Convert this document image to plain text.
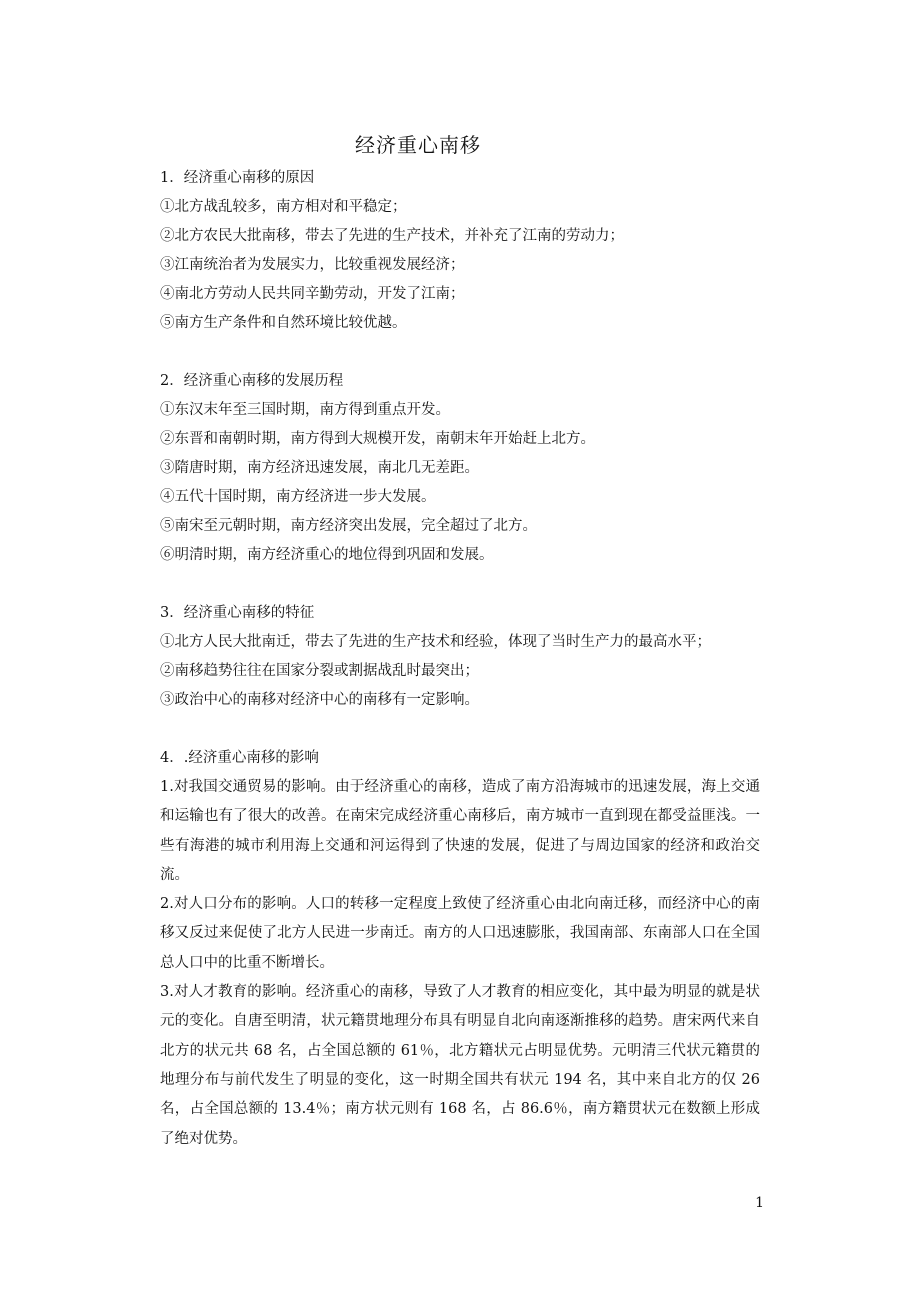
经济重心南移
1．经济重心南移的原因
①北方战乱较多，南方相对和平稳定；
②北方农民大批南移，带去了先进的生产技术，并补充了江南的劳动力；
③江南统治者为发展实力，比较重视发展经济；
④南北方劳动人民共同辛勤劳动，开发了江南；
⑤南方生产条件和自然环境比较优越。
2．经济重心南移的发展历程
①东汉末年至三国时期，南方得到重点开发。
②东晋和南朝时期，南方得到大规模开发，南朝末年开始赶上北方。
③隋唐时期，南方经济迅速发展，南北几无差距。
④五代十国时期，南方经济进一步大发展。
⑤南宋至元朝时期，南方经济突出发展，完全超过了北方。
⑥明清时期，南方经济重心的地位得到巩固和发展。
3．经济重心南移的特征
①北方人民大批南迁，带去了先进的生产技术和经验，体现了当时生产力的最高水平；
②南移趋势往往在国家分裂或割据战乱时最突出；
③政治中心的南移对经济中心的南移有一定影响。
4．.经济重心南移的影响
1.对我国交通贸易的影响。由于经济重心的南移，造成了南方沿海城市的迅速发展，海上交通和运输也有了很大的改善。在南宋完成经济重心南移后，南方城市一直到现在都受益匪浅。一些有海港的城市利用海上交通和河运得到了快速的发展，促进了与周边国家的经济和政治交流。
2.对人口分布的影响。人口的转移一定程度上致使了经济重心由北向南迁移，而经济中心的南移又反过来促使了北方人民进一步南迁。南方的人口迅速膨胀，我国南部、东南部人口在全国总人口中的比重不断增长。
3.对人才教育的影响。经济重心的南移，导致了人才教育的相应变化，其中最为明显的就是状元的变化。自唐至明清，状元籍贯地理分布具有明显自北向南逐渐推移的趋势。唐宋两代来自北方的状元共 68 名，占全国总额的 61％，北方籍状元占明显优势。元明清三代状元籍贯的地理分布与前代发生了明显的变化，这一时期全国共有状元 194 名，其中来自北方的仅 26 名，占全国总额的 13.4％；南方状元则有 168 名，占 86.6％，南方籍贯状元在数额上形成了绝对优势。
1
